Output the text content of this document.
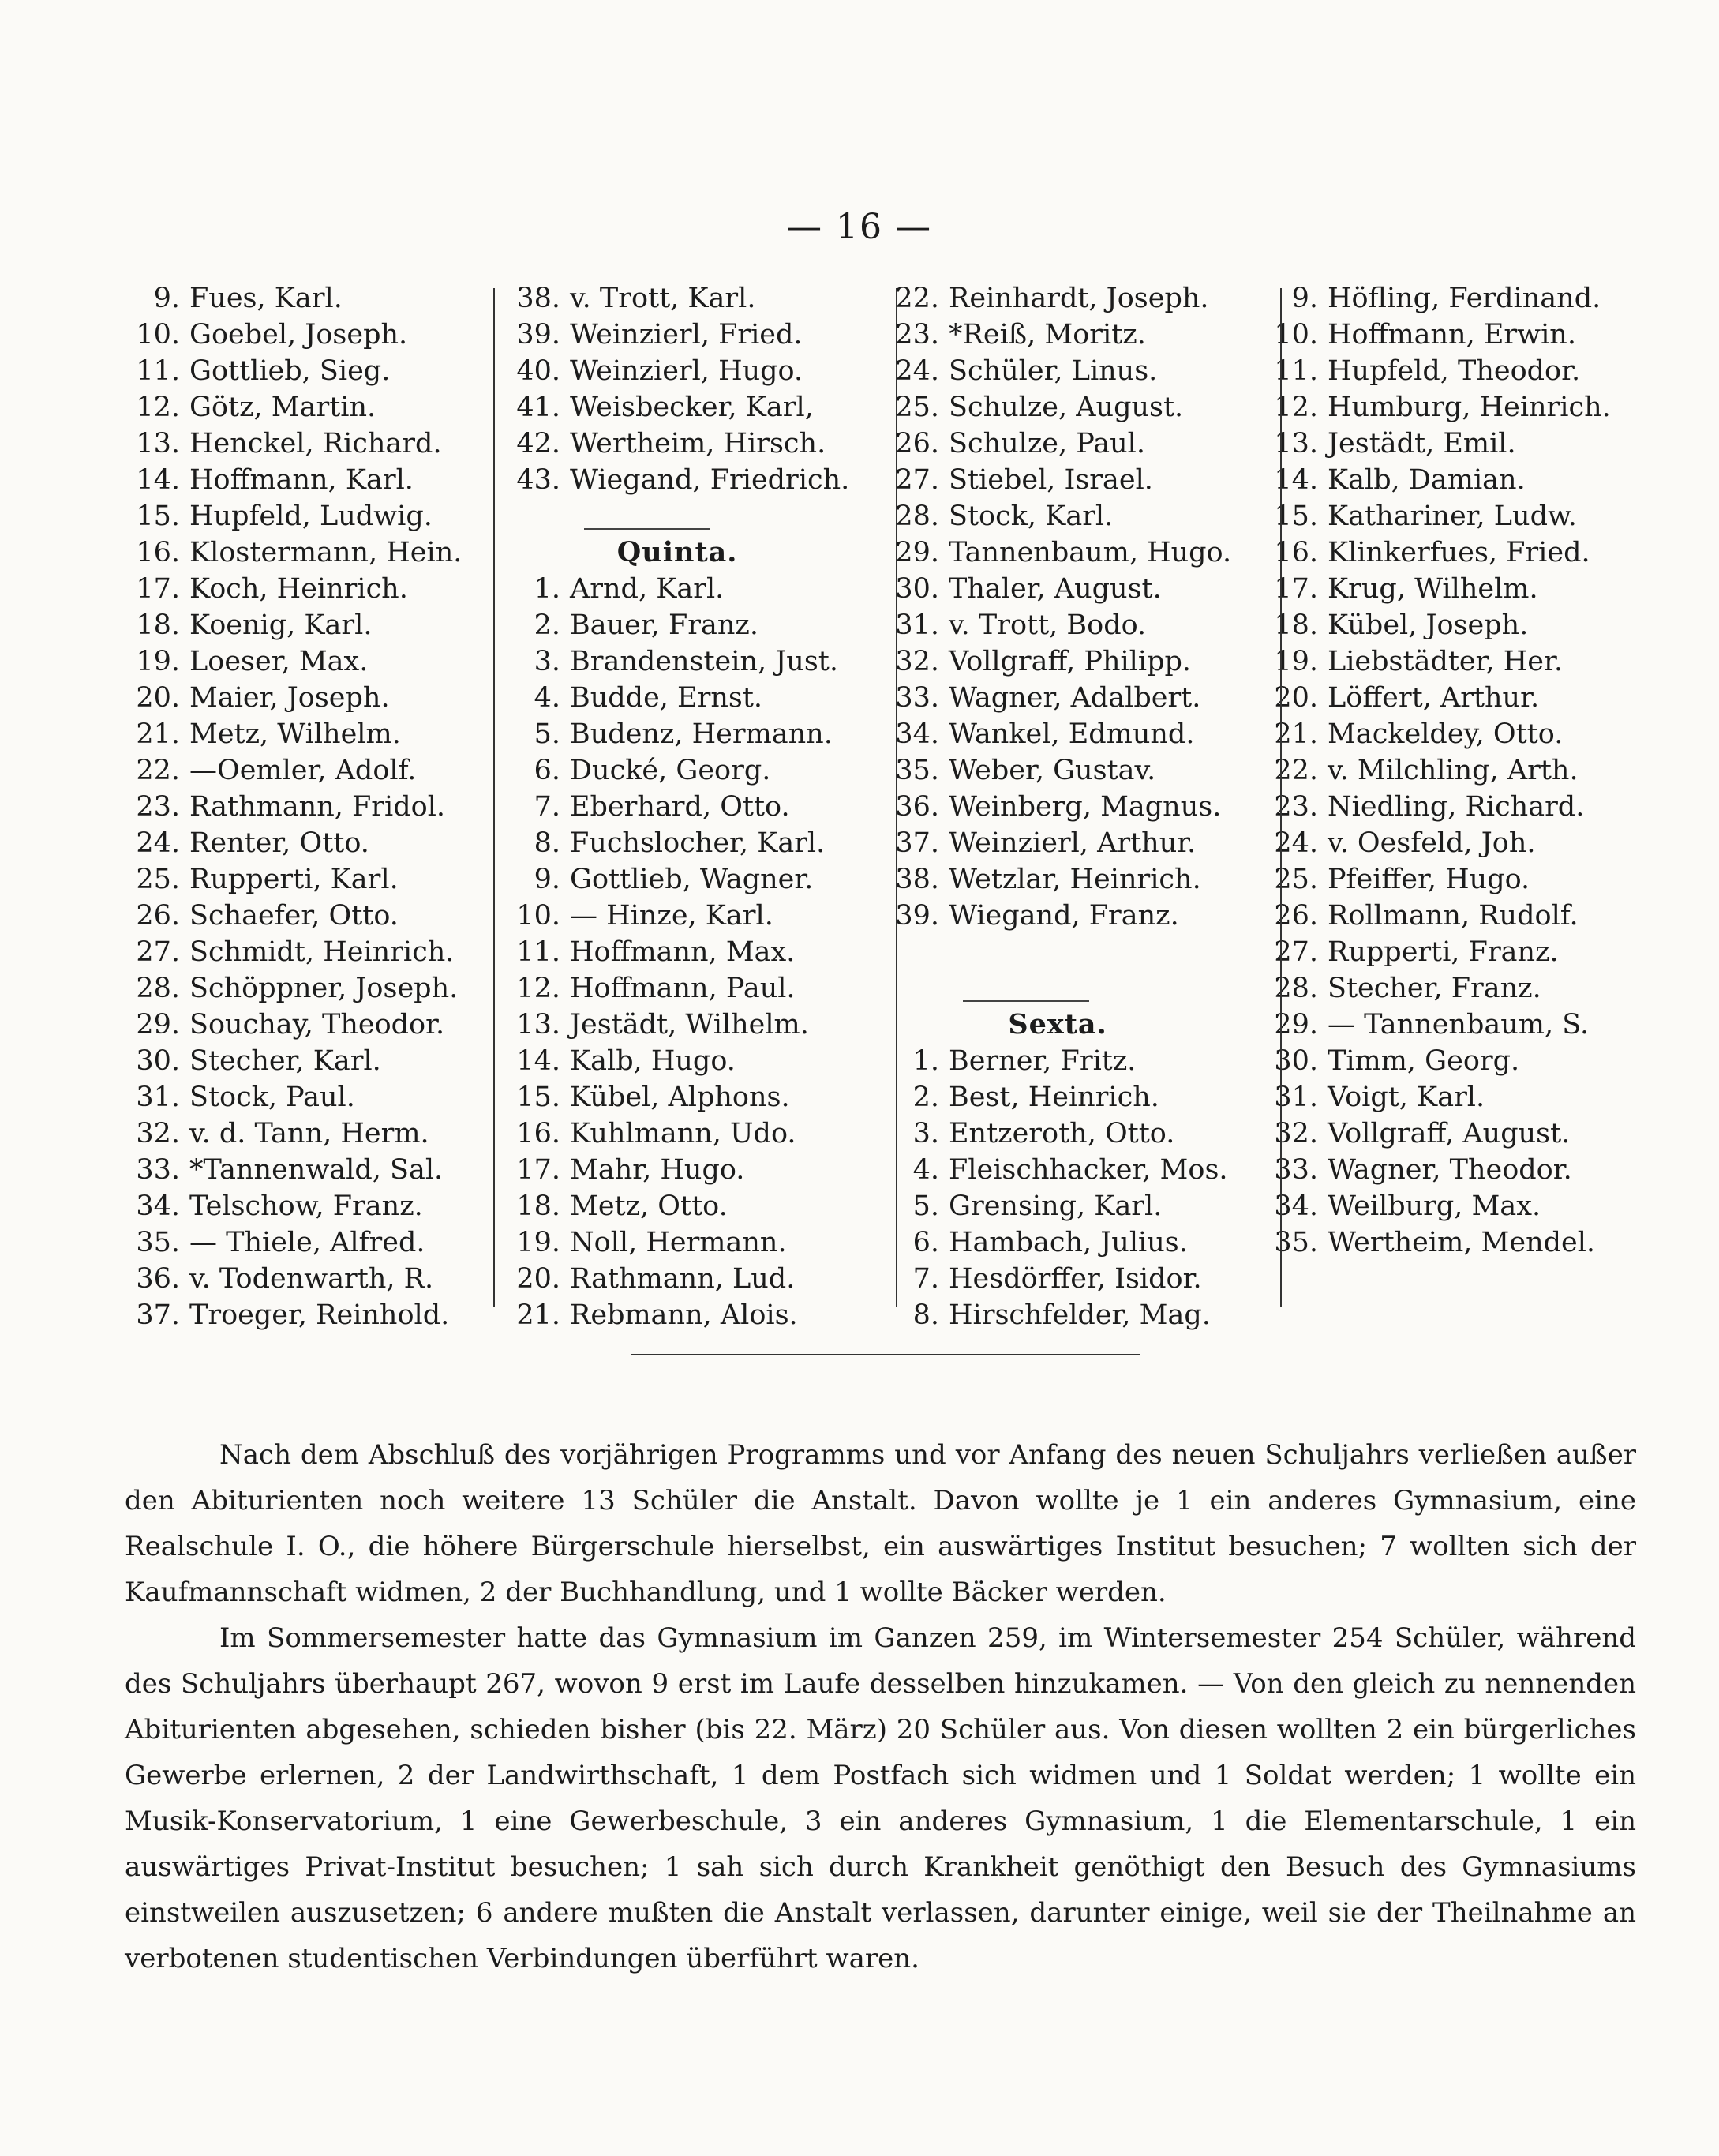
— 16 —
9. Fues, Karl.
10. Goebel, Joseph.
11. Gottlieb, Sieg.
12. Götz, Martin.
13. Henckel, Richard.
14. Hoffmann, Karl.
15. Hupfeld, Ludwig.
16. Klostermann, Hein.
17. Koch, Heinrich.
18. Koenig, Karl.
19. Loeser, Max.
20. Maier, Joseph.
21. Metz, Wilhelm.
22. —Oemler, Adolf.
23. Rathmann, Fridol.
24. Renter, Otto.
25. Rupperti, Karl.
26. Schaefer, Otto.
27. Schmidt, Heinrich.
28. Schöppner, Joseph.
29. Souchay, Theodor.
30. Stecher, Karl.
31. Stock, Paul.
32. v. d. Tann, Herm.
33. *Tannenwald, Sal.
34. Telschow, Franz.
35. — Thiele, Alfred.
36. v. Todenwarth, R.
37. Troeger, Reinhold.
38. v. Trott, Karl.
39. Weinzierl, Fried.
40. Weinzierl, Hugo.
41. Weisbecker, Karl,
42. Wertheim, Hirsch.
43. Wiegand, Friedrich.
Quinta.
1. Arnd, Karl.
2. Bauer, Franz.
3. Brandenstein, Just.
4. Budde, Ernst.
5. Budenz, Hermann.
6. Ducké, Georg.
7. Eberhard, Otto.
8. Fuchslocher, Karl.
9. Gottlieb, Wagner.
10. — Hinze, Karl.
11. Hoffmann, Max.
12. Hoffmann, Paul.
13. Jestädt, Wilhelm.
14. Kalb, Hugo.
15. Kübel, Alphons.
16. Kuhlmann, Udo.
17. Mahr, Hugo.
18. Metz, Otto.
19. Noll, Hermann.
20. Rathmann, Lud.
21. Rebmann, Alois.
22. Reinhardt, Joseph.
23. *Reiß, Moritz.
24. Schüler, Linus.
25. Schulze, August.
26. Schulze, Paul.
27. Stiebel, Israel.
28. Stock, Karl.
29. Tannenbaum, Hugo.
30. Thaler, August.
31. v. Trott, Bodo.
32. Vollgraff, Philipp.
33. Wagner, Adalbert.
34. Wankel, Edmund.
35. Weber, Gustav.
36. Weinberg, Magnus.
37. Weinzierl, Arthur.
38. Wetzlar, Heinrich.
39. Wiegand, Franz.
Sexta.
1. Berner, Fritz.
2. Best, Heinrich.
3. Entzeroth, Otto.
4. Fleischhacker, Mos.
5. Grensing, Karl.
6. Hambach, Julius.
7. Hesdörffer, Isidor.
8. Hirschfelder, Mag.
9. Höfling, Ferdinand.
10. Hoffmann, Erwin.
11. Hupfeld, Theodor.
12. Humburg, Heinrich.
13. Jestädt, Emil.
14. Kalb, Damian.
15. Kathariner, Ludw.
16. Klinkerfues, Fried.
17. Krug, Wilhelm.
18. Kübel, Joseph.
19. Liebstädter, Her.
20. Löffert, Arthur.
21. Mackeldey, Otto.
22. v. Milchling, Arth.
23. Niedling, Richard.
24. v. Oesfeld, Joh.
25. Pfeiffer, Hugo.
26. Rollmann, Rudolf.
27. Rupperti, Franz.
28. Stecher, Franz.
29. — Tannenbaum, S.
30. Timm, Georg.
31. Voigt, Karl.
32. Vollgraff, August.
33. Wagner, Theodor.
34. Weilburg, Max.
35. Wertheim, Mendel.

Nach dem Abschluß des vorjährigen Programms und vor Anfang des neuen Schuljahrs verließen außer den Abiturienten noch weitere 13 Schüler die Anstalt. Davon wollte je 1 ein anderes Gymnasium, eine Realschule I. O., die höhere Bürgerschule hierselbst, ein auswärtiges Institut besuchen; 7 wollten sich der Kaufmannschaft widmen, 2 der Buchhandlung, und 1 wollte Bäcker werden.

Im Sommersemester hatte das Gymnasium im Ganzen 259, im Wintersemester 254 Schüler, während des Schuljahrs überhaupt 267, wovon 9 erst im Laufe desselben hinzukamen. — Von den gleich zu nennenden Abiturienten abgesehen, schieden bisher (bis 22. März) 20 Schüler aus. Von diesen wollten 2 ein bürgerliches Gewerbe erlernen, 2 der Landwirthschaft, 1 dem Postfach sich widmen und 1 Soldat werden; 1 wollte ein Musik-Konservatorium, 1 eine Gewerbeschule, 3 ein anderes Gymnasium, 1 die Elementarschule, 1 ein auswärtiges Privat-Institut besuchen; 1 sah sich durch Krankheit genöthigt den Besuch des Gymnasiums einstweilen auszusetzen; 6 andere mußten die Anstalt verlassen, darunter einige, weil sie der Theilnahme an verbotenen studentischen Verbindungen überführt waren.
